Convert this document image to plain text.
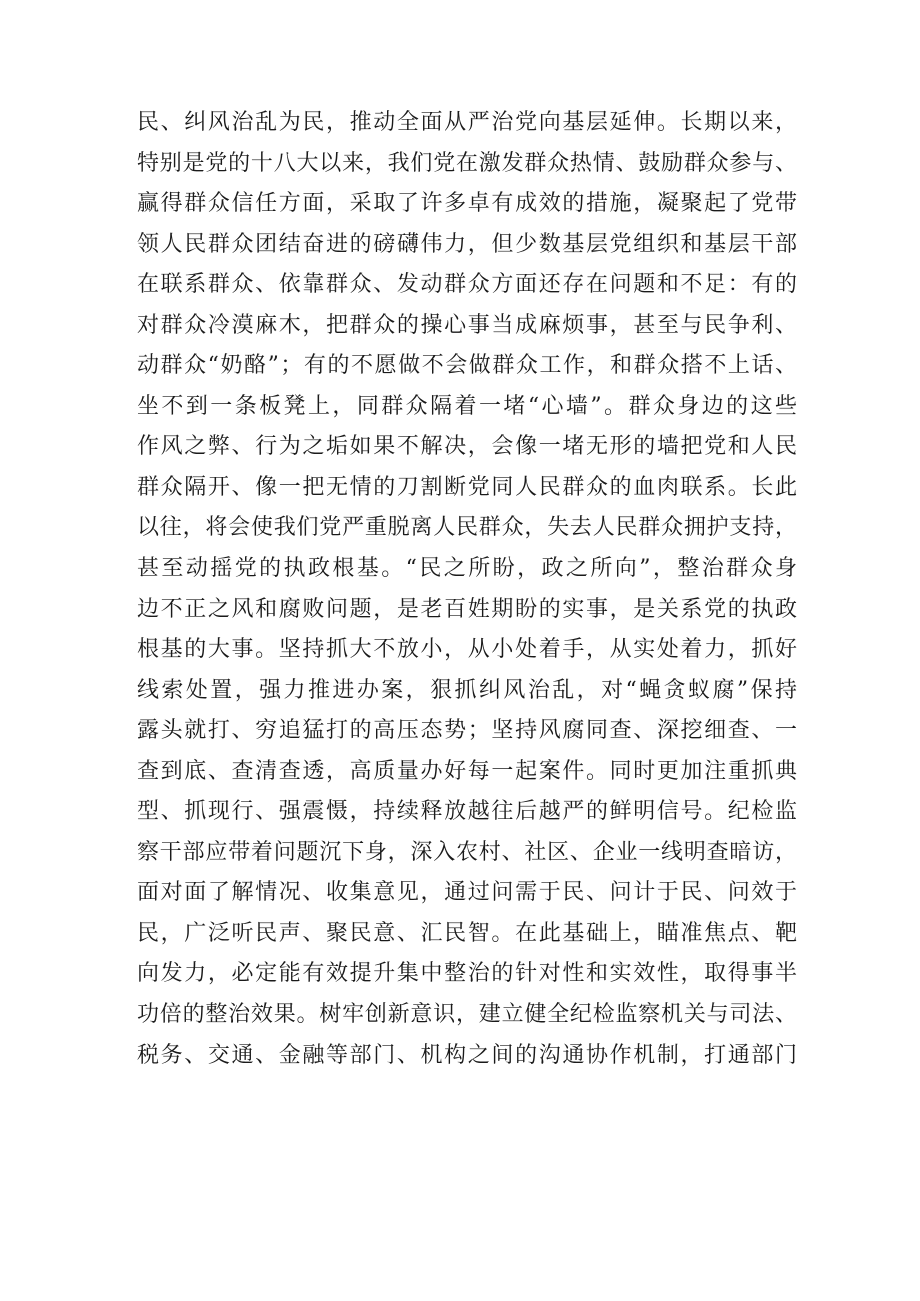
民、纠风治乱为民，推动全面从严治党向基层延伸。长期以来，
特别是党的十八大以来，我们党在激发群众热情、鼓励群众参与、
赢得群众信任方面，采取了许多卓有成效的措施，凝聚起了党带
领人民群众团结奋进的磅礴伟力，但少数基层党组织和基层干部
在联系群众、依靠群众、发动群众方面还存在问题和不足：有的
对群众冷漠麻木，把群众的操心事当成麻烦事，甚至与民争利、
动群众“奶酪”；有的不愿做不会做群众工作，和群众搭不上话、
坐不到一条板凳上，同群众隔着一堵“心墙”。群众身边的这些
作风之弊、行为之垢如果不解决，会像一堵无形的墙把党和人民
群众隔开、像一把无情的刀割断党同人民群众的血肉联系。长此
以往，将会使我们党严重脱离人民群众，失去人民群众拥护支持，
甚至动摇党的执政根基。“民之所盼，政之所向”，整治群众身
边不正之风和腐败问题，是老百姓期盼的实事，是关系党的执政
根基的大事。坚持抓大不放小，从小处着手，从实处着力，抓好
线索处置，强力推进办案，狠抓纠风治乱，对“蝇贪蚁腐”保持
露头就打、穷追猛打的高压态势；坚持风腐同查、深挖细查、一
查到底、查清查透，高质量办好每一起案件。同时更加注重抓典
型、抓现行、强震慑，持续释放越往后越严的鲜明信号。纪检监
察干部应带着问题沉下身，深入农村、社区、企业一线明查暗访，
面对面了解情况、收集意见，通过问需于民、问计于民、问效于
民，广泛听民声、聚民意、汇民智。在此基础上，瞄准焦点、靶
向发力，必定能有效提升集中整治的针对性和实效性，取得事半
功倍的整治效果。树牢创新意识，建立健全纪检监察机关与司法、
税务、交通、金融等部门、机构之间的沟通协作机制，打通部门
